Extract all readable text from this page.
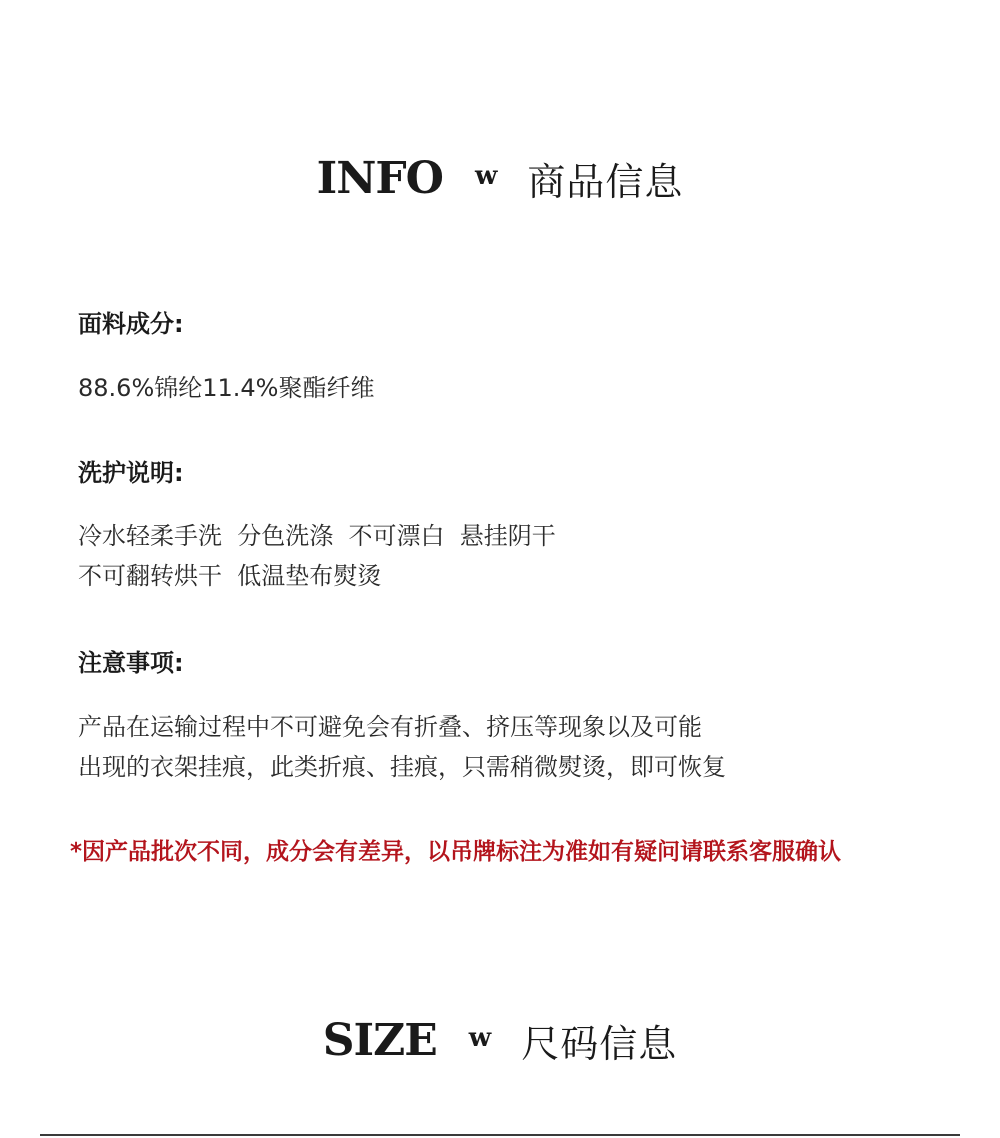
INFO w 商品信息
面料成分:
88.6%锦纶11.4%聚酯纤维
洗护说明:
冷水轻柔手洗  分色洗涤  不可漂白  悬挂阴干
不可翻转烘干  低温垫布熨烫
注意事项:
产品在运输过程中不可避免会有折叠、挤压等现象以及可能
出现的衣架挂痕，此类折痕、挂痕，只需稍微熨烫，即可恢复
*因产品批次不同，成分会有差异，以吊牌标注为准如有疑问请联系客服确认
SIZE w 尺码信息
